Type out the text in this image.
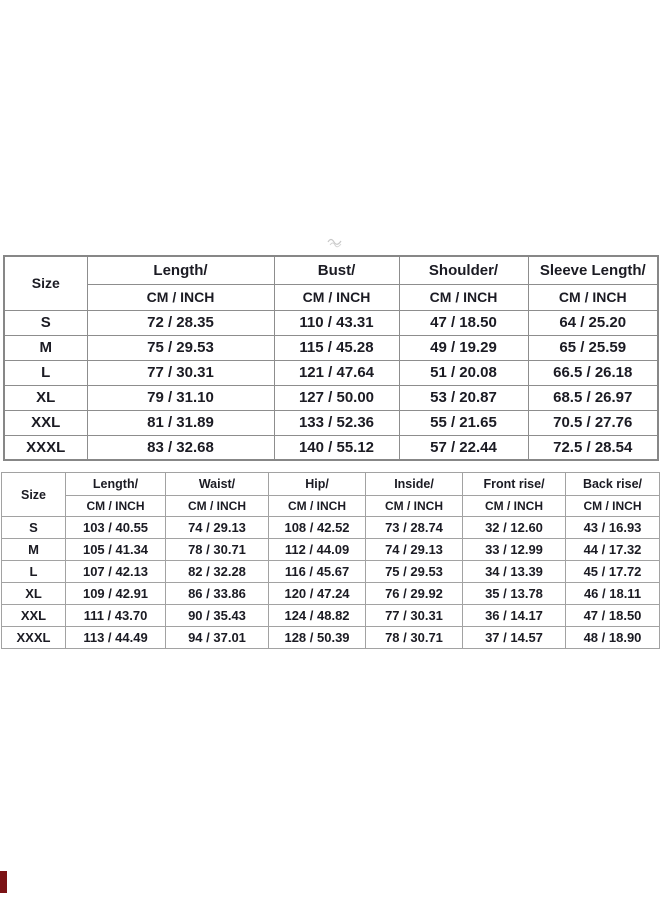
Size	Length/	Bust/	Shoulder/	Sleeve Length/
	CM / INCH	CM / INCH	CM / INCH	CM / INCH
S	72 / 28.35	110 / 43.31	47 / 18.50	64 / 25.20
M	75 / 29.53	115 / 45.28	49 / 19.29	65 / 25.59
L	77 / 30.31	121 / 47.64	51 / 20.08	66.5 / 26.18
XL	79 / 31.10	127 / 50.00	53 / 20.87	68.5 / 26.97
XXL	81 / 31.89	133 / 52.36	55 / 21.65	70.5 / 27.76
XXXL	83 / 32.68	140 / 55.12	57 / 22.44	72.5 / 28.54
Size	Length/	Waist/	Hip/	Inside/	Front rise/	Back rise/
	CM / INCH	CM / INCH	CM / INCH	CM / INCH	CM / INCH	CM / INCH
S	103 / 40.55	74 / 29.13	108 / 42.52	73 / 28.74	32 / 12.60	43 / 16.93
M	105 / 41.34	78 / 30.71	112 / 44.09	74 / 29.13	33 / 12.99	44 / 17.32
L	107 / 42.13	82 / 32.28	116 / 45.67	75 / 29.53	34 / 13.39	45 / 17.72
XL	109 / 42.91	86 / 33.86	120 / 47.24	76 / 29.92	35 / 13.78	46 / 18.11
XXL	111 / 43.70	90 / 35.43	124 / 48.82	77 / 30.31	36 / 14.17	47 / 18.50
XXXL	113 / 44.49	94 / 37.01	128 / 50.39	78 / 30.71	37 / 14.57	48 / 18.90
